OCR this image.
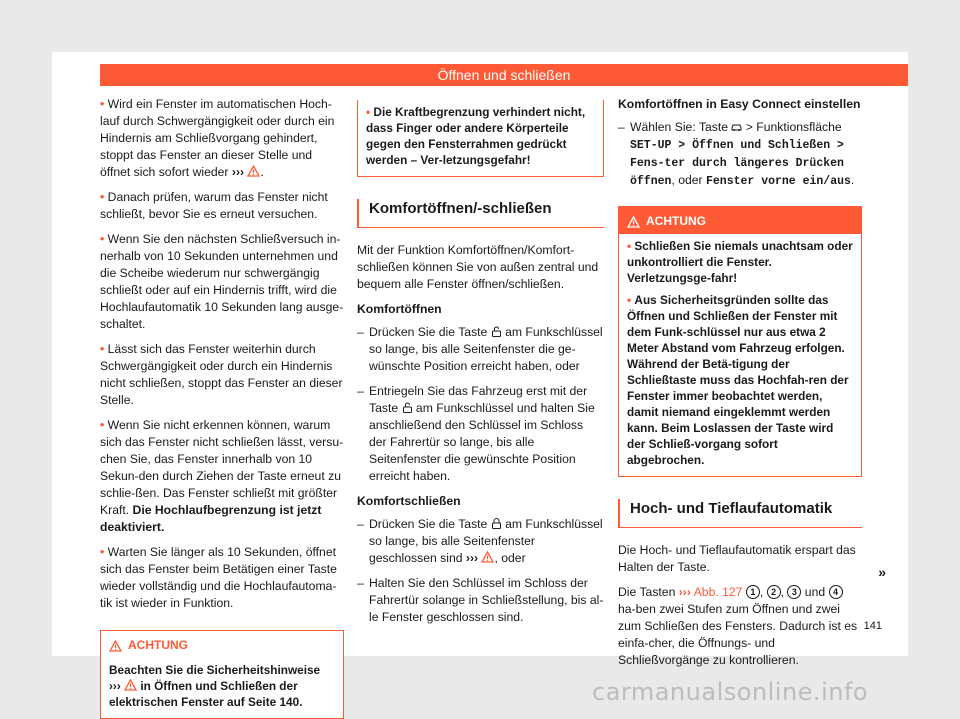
Öffnen und schließen

• Wird ein Fenster im automatischen Hoch-lauf durch Schwergängigkeit oder durch ein Hindernis am Schließvorgang gehindert, stoppt das Fenster an dieser Stelle und öffnet sich sofort wieder ››› .

• Danach prüfen, warum das Fenster nicht schließt, bevor Sie es erneut versuchen.

• Wenn Sie den nächsten Schließversuch in-nerhalb von 10 Sekunden unternehmen und die Scheibe wiederum nur schwergängig schließt oder auf ein Hindernis trifft, wird die Hochlaufautomatik 10 Sekunden lang ausge-schaltet.

• Lässt sich das Fenster weiterhin durch Schwergängigkeit oder durch ein Hindernis nicht schließen, stoppt das Fenster an dieser Stelle.

• Wenn Sie nicht erkennen können, warum sich das Fenster nicht schließen lässt, versu-chen Sie, das Fenster innerhalb von 10 Sekun-den durch Ziehen der Taste erneut zu schlie-ßen. Das Fenster schließt mit größter Kraft. Die Hochlaufbegrenzung ist jetzt deaktiviert.

• Warten Sie länger als 10 Sekunden, öffnet sich das Fenster beim Betätigen einer Taste wieder vollständig und die Hochlaufautoma-tik ist wieder in Funktion.

ACHTUNG
Beachten Sie die Sicherheitshinweise ››› in Öffnen und Schließen der elektrischen Fenster auf Seite 140.
• Die Kraftbegrenzung verhindert nicht, dass Finger oder andere Körperteile gegen den Fensterrahmen gedrückt werden – Ver-letzungsgefahr!
Komfortöffnen/-schließen

Mit der Funktion Komfortöffnen/Komfort-schließen können Sie von außen zentral und bequem alle Fenster öffnen/schließen.

Komfortöffnen

– Drücken Sie die Taste am Funkschlüssel so lange, bis alle Seitenfenster die ge-wünschte Position erreicht haben, oder

– Entriegeln Sie das Fahrzeug erst mit der Taste am Funkschlüssel und halten Sie anschließend den Schlüssel im Schloss der Fahrertür so lange, bis alle Seitenfenster die gewünschte Position erreicht haben.

Komfortschließen

– Drücken Sie die Taste am Funkschlüssel so lange, bis alle Seitenfenster geschlossen sind ››› , oder

– Halten Sie den Schlüssel im Schloss der Fahrertür solange in Schließstellung, bis al-le Fenster geschlossen sind.

Komfortöffnen in Easy Connect einstellen

– Wählen Sie: Taste > Funktionsfläche SET-UP > Öffnen und Schließen > Fens-ter durch längeres Drücken öffnen, oder Fenster vorne ein/aus.

ACHTUNG

• Schließen Sie niemals unachtsam oder unkontrolliert die Fenster. Verletzungsge-fahr!

• Aus Sicherheitsgründen sollte das Öffnen und Schließen der Fenster mit dem Funk-schlüssel nur aus etwa 2 Meter Abstand vom Fahrzeug erfolgen. Während der Betä-tigung der Schließtaste muss das Hochfah-ren der Fenster immer beobachtet werden, damit niemand eingeklemmt werden kann. Beim Loslassen der Taste wird der Schließ-vorgang sofort abgebrochen.

Hoch- und Tieflaufautomatik

Die Hoch- und Tieflaufautomatik erspart das Halten der Taste.

Die Tasten ››› Abb. 127 1 , 2 , 3 und 4 ha-ben zwei Stufen zum Öffnen und zwei zum Schließen des Fensters. Dadurch ist es einfa-cher, die Öffnungs- und Schließvorgänge zu kontrollieren.

»
141
carmanualsonline.info
